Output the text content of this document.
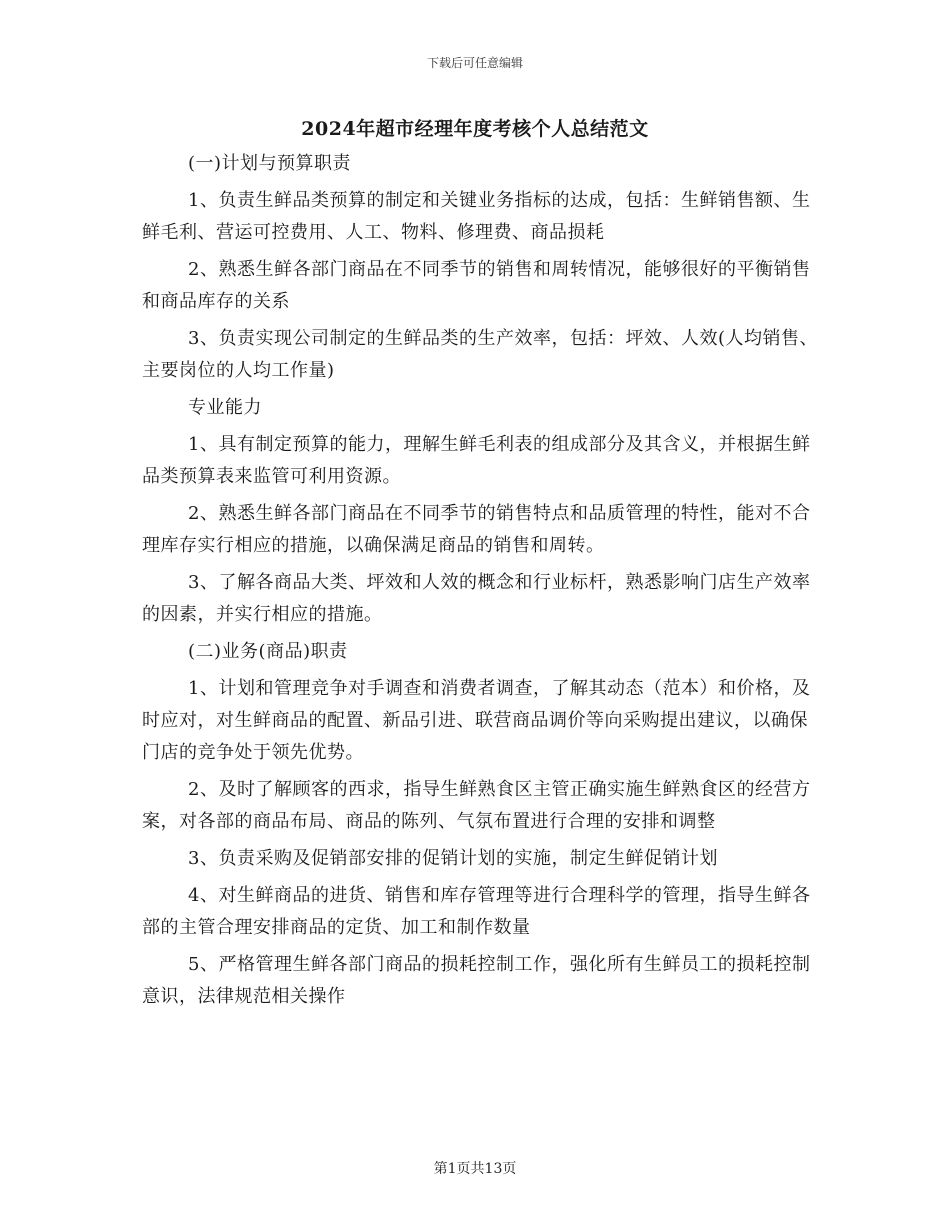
下载后可任意编辑
2024年超市经理年度考核个人总结范文

(一)计划与预算职责

1、负责生鲜品类预算的制定和关键业务指标的达成，包括：生鲜销售额、生鲜毛利、营运可控费用、人工、物料、修理费、商品损耗

2、熟悉生鲜各部门商品在不同季节的销售和周转情况，能够很好的平衡销售和商品库存的关系

3、负责实现公司制定的生鲜品类的生产效率，包括：坪效、人效(人均销售、主要岗位的人均工作量)

专业能力

1、具有制定预算的能力，理解生鲜毛利表的组成部分及其含义，并根据生鲜品类预算表来监管可利用资源。

2、熟悉生鲜各部门商品在不同季节的销售特点和品质管理的特性，能对不合理库存实行相应的措施，以确保满足商品的销售和周转。

3、了解各商品大类、坪效和人效的概念和行业标杆，熟悉影响门店生产效率的因素，并实行相应的措施。

(二)业务(商品)职责

1、计划和管理竞争对手调查和消费者调查，了解其动态（范本）和价格，及时应对，对生鲜商品的配置、新品引进、联营商品调价等向采购提出建议，以确保门店的竞争处于领先优势。

2、及时了解顾客的西求，指导生鲜熟食区主管正确实施生鲜熟食区的经营方案，对各部的商品布局、商品的陈列、气氛布置进行合理的安排和调整

3、负责采购及促销部安排的促销计划的实施，制定生鲜促销计划

4、对生鲜商品的进货、销售和库存管理等进行合理科学的管理，指导生鲜各部的主管合理安排商品的定货、加工和制作数量

5、严格管理生鲜各部门商品的损耗控制工作，强化所有生鲜员工的损耗控制意识，法律规范相关操作

第1页共13页
